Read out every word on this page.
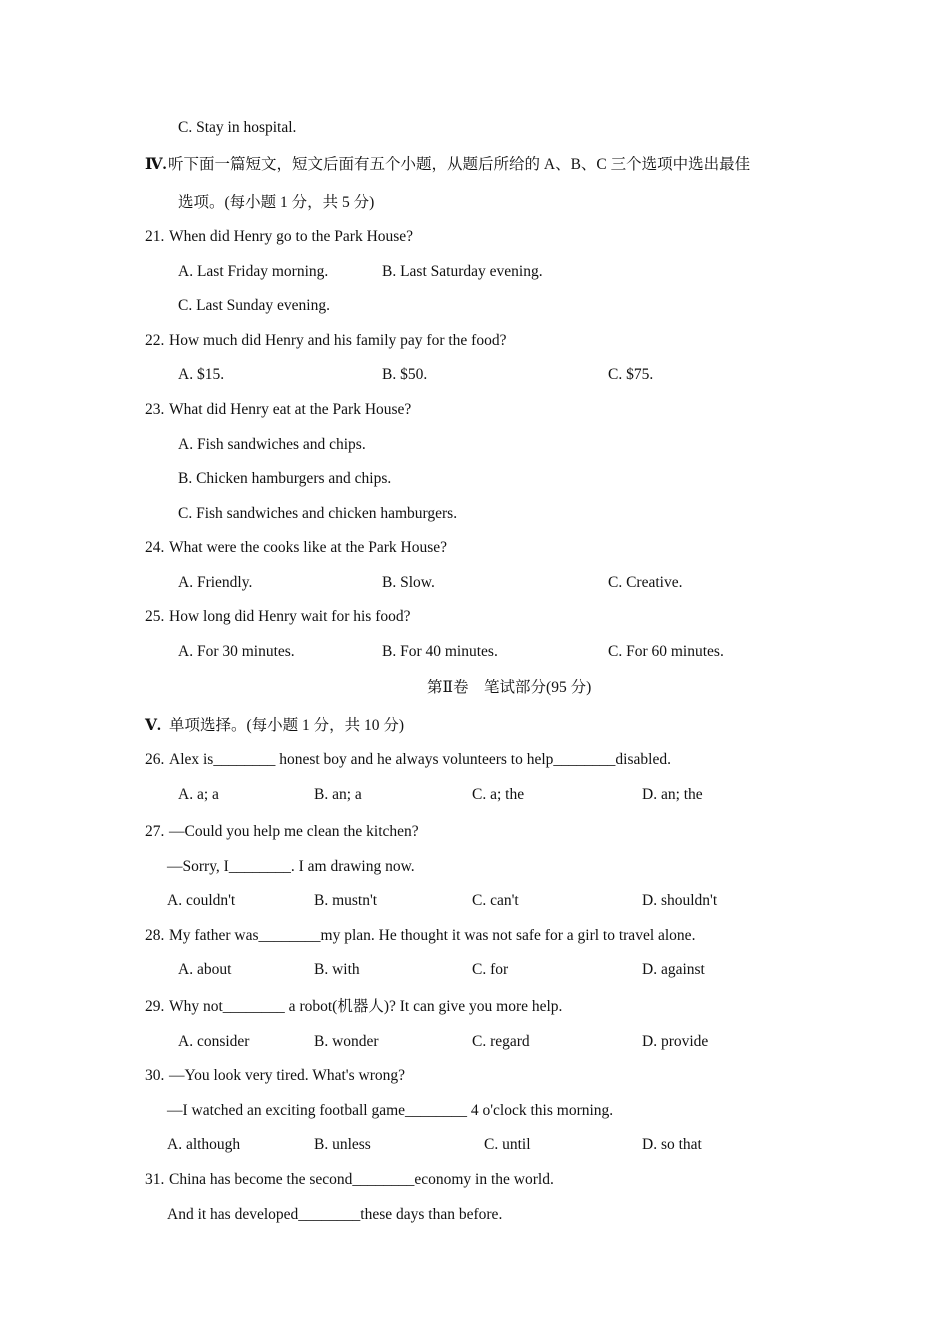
C. Stay in hospital.
Ⅳ. 听下面一篇短文，短文后面有五个小题，从题后所给的 A、B、C 三个选项中选出最佳
选项。(每小题 1 分，共 5 分)
21. When did Henry go to the Park House?
A. Last Friday morning.	B. Last Saturday evening.
C. Last Sunday evening.
22. How much did Henry and his family pay for the food?
A. $15.	B. $50.	C. $75.
23. What did Henry eat at the Park House?
A. Fish sandwiches and chips.
B. Chicken hamburgers and chips.
C. Fish sandwiches and chicken hamburgers.
24. What were the cooks like at the Park House?
A. Friendly.	B. Slow.	C. Creative.
25. How long did Henry wait for his food?
A. For 30 minutes.	B. For 40 minutes.	C. For 60 minutes.
第Ⅱ卷　笔试部分(95 分)
Ⅴ. 单项选择。(每小题 1 分，共 10 分)
26. Alex is________ honest boy and he always volunteers to help________disabled.
A. a; a	B. an; a	C. a; the	D. an; the
27. —Could you help me clean the kitchen?
—Sorry, I________. I am drawing now.
A. couldn't	B. mustn't	C. can't	D. shouldn't
28. My father was________my plan. He thought it was not safe for a girl to travel alone.
A. about	B. with	C. for	D. against
29. Why not________ a robot(机器人)? It can give you more help.
A. consider	B. wonder	C. regard	D. provide
30. —You look very tired. What's wrong?
—I watched an exciting football game________ 4 o'clock this morning.
A. although	B. unless	C. until	D. so that
31. China has become the second________economy in the world.
And it has developed________these days than before.
